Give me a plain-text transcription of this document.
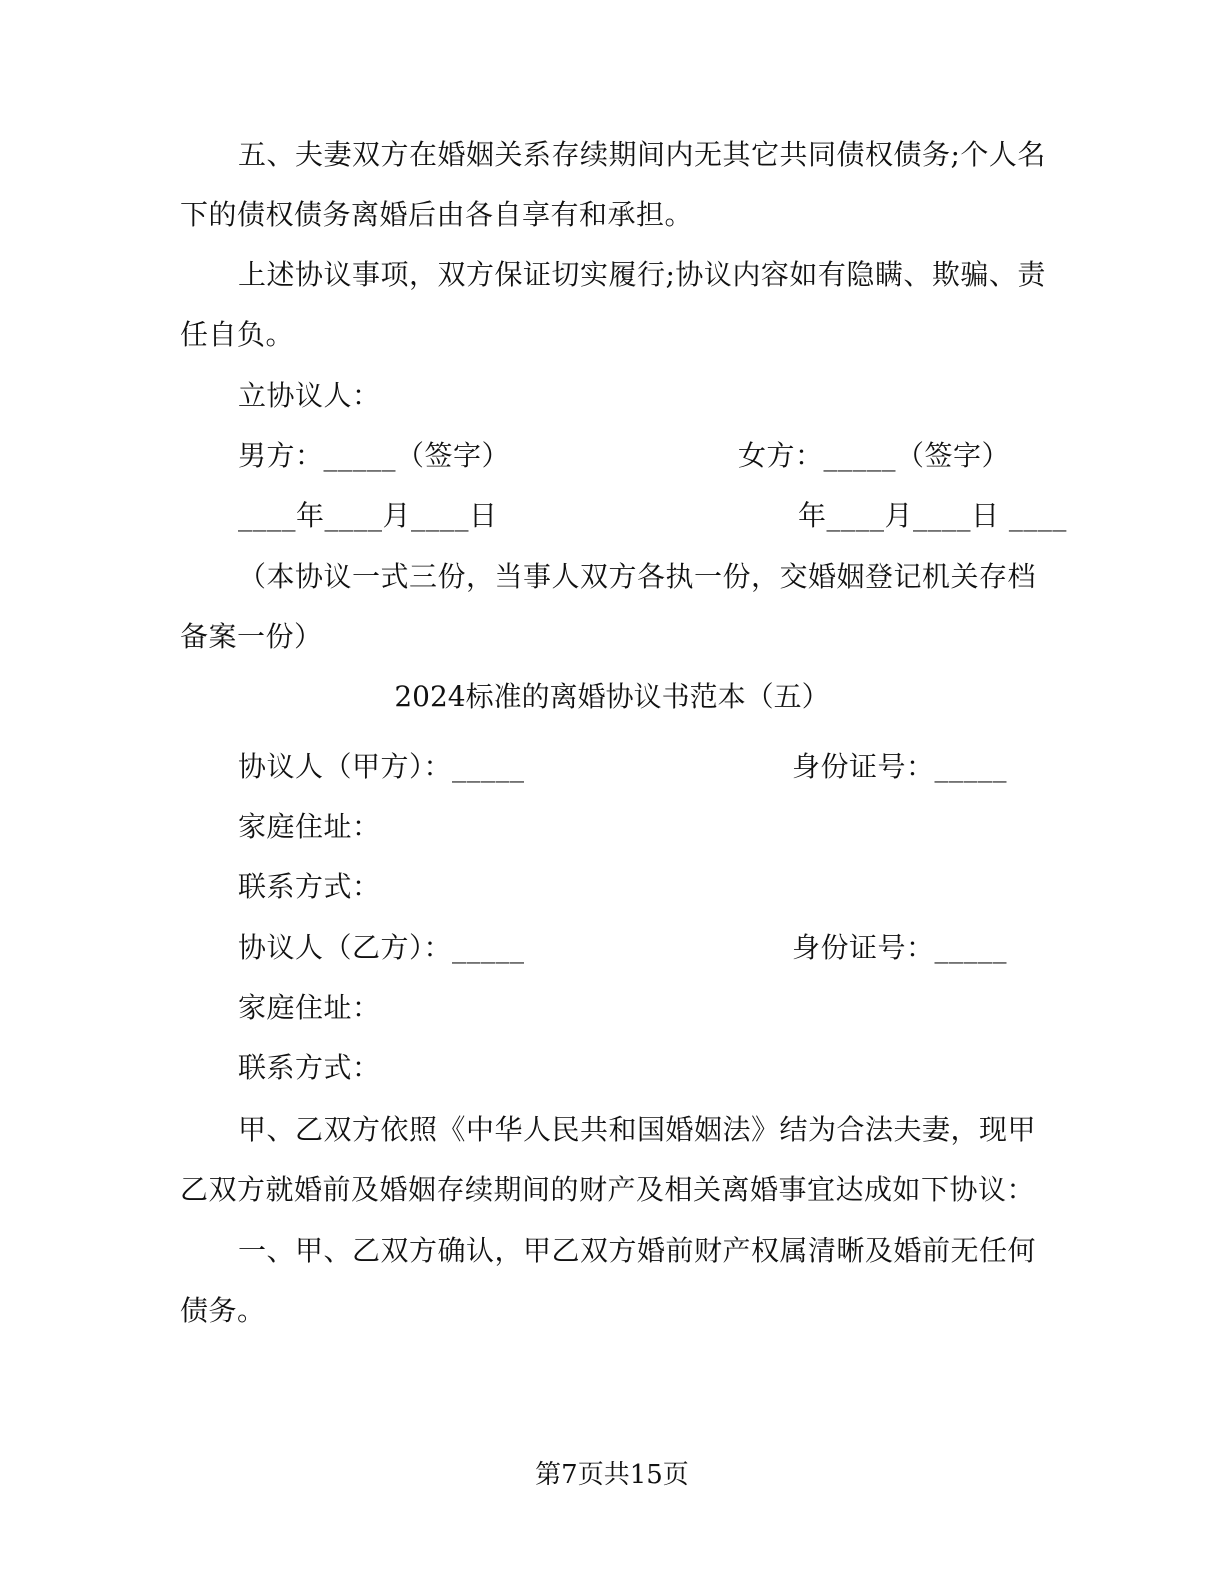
五、夫妻双方在婚姻关系存续期间内无其它共同债权债务;个人名
下的债权债务离婚后由各自享有和承担。
上述协议事项，双方保证切实履行;协议内容如有隐瞒、欺骗、责
任自负。
立协议人：
男方：_____（签字）	女方：_____（签字）
____年____月____日	年____月____日 ____
（本协议一式三份，当事人双方各执一份，交婚姻登记机关存档
备案一份）
2024标准的离婚协议书范本（五）
协议人（甲方）：_____	身份证号：_____
家庭住址：
联系方式：
协议人（乙方）：_____	身份证号：_____
家庭住址：
联系方式：
甲、乙双方依照《中华人民共和国婚姻法》结为合法夫妻，现甲
乙双方就婚前及婚姻存续期间的财产及相关离婚事宜达成如下协议：
一、甲、乙双方确认，甲乙双方婚前财产权属清晰及婚前无任何
债务。
第7页共15页
